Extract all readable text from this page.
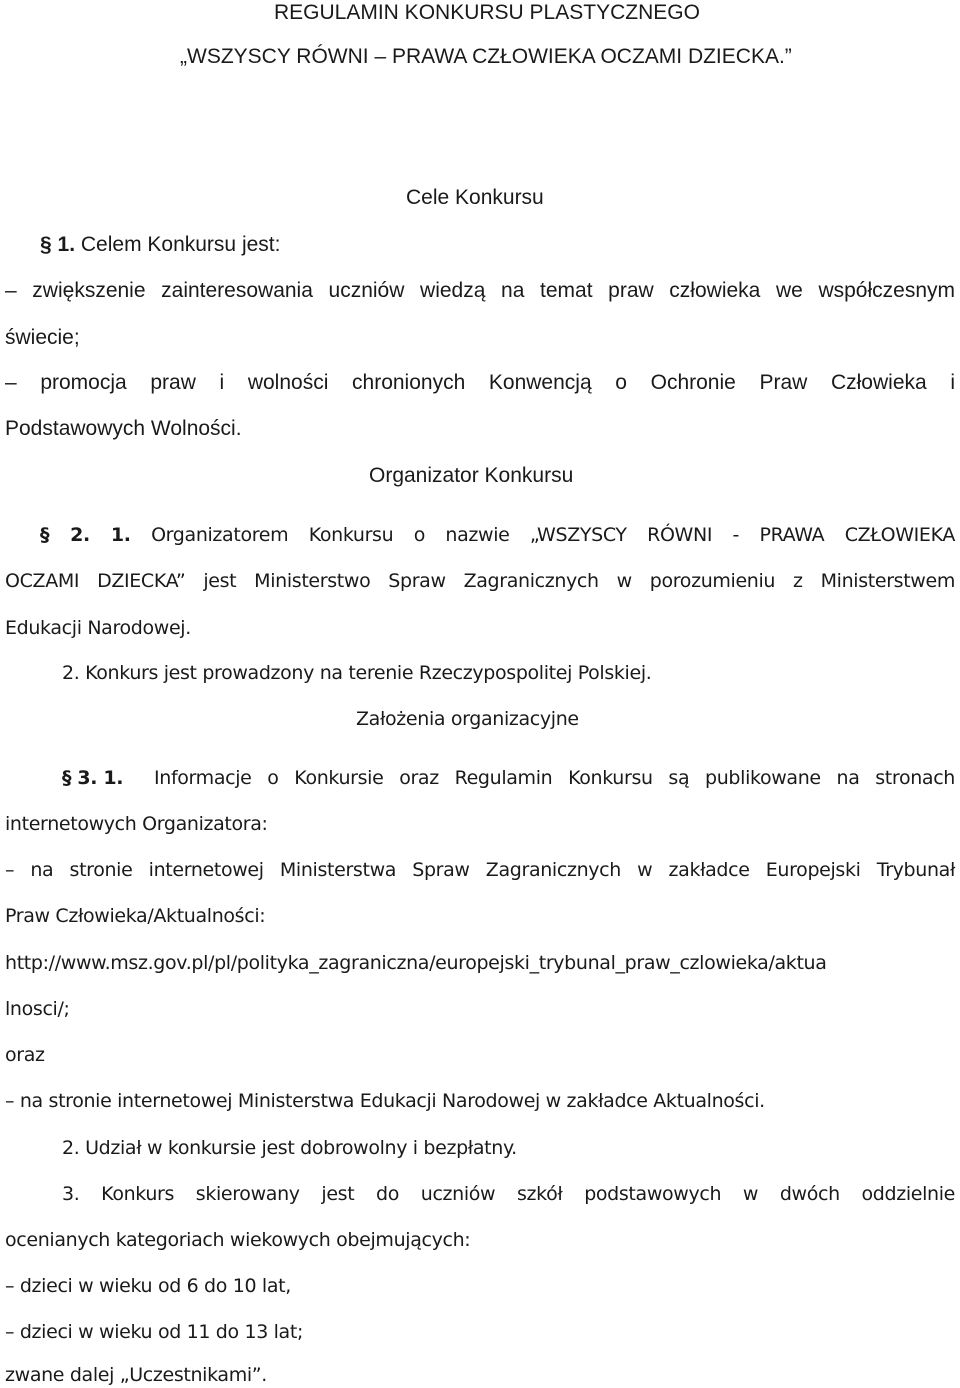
REGULAMIN KONKURSU PLASTYCZNEGO
„WSZYSCY RÓWNI – PRAWA CZŁOWIEKA OCZAMI DZIECKA.”
Cele Konkursu
§ 1. Celem Konkursu jest:
– zwiększenie zainteresowania uczniów wiedzą na temat praw człowieka we współczesnym
świecie;
– promocja praw i wolności chronionych Konwencją o Ochronie Praw Człowieka i
Podstawowych Wolności.
Organizator Konkursu
§ 2. 1. Organizatorem Konkursu o nazwie „WSZYSCY RÓWNI - PRAWA CZŁOWIEKA
OCZAMI DZIECKA” jest Ministerstwo Spraw Zagranicznych w porozumieniu z Ministerstwem
Edukacji Narodowej.
2. Konkurs jest prowadzony na terenie Rzeczypospolitej Polskiej.
Założenia organizacyjne
§ 3. 1. Informacje o Konkursie oraz Regulamin Konkursu są publikowane na stronach
internetowych Organizatora:
– na stronie internetowej Ministerstwa Spraw Zagranicznych w zakładce Europejski Trybunał
Praw Człowieka/Aktualności:
http://www.msz.gov.pl/pl/polityka_zagraniczna/europejski_trybunal_praw_czlowieka/aktua
lnosci/;
oraz
– na stronie internetowej Ministerstwa Edukacji Narodowej w zakładce Aktualności.
2. Udział w konkursie jest dobrowolny i bezpłatny.
3. Konkurs skierowany jest do uczniów szkół podstawowych w dwóch oddzielnie
ocenianych kategoriach wiekowych obejmujących:
– dzieci w wieku od 6 do 10 lat,
– dzieci w wieku od 11 do 13 lat;
zwane dalej „Uczestnikami”.
